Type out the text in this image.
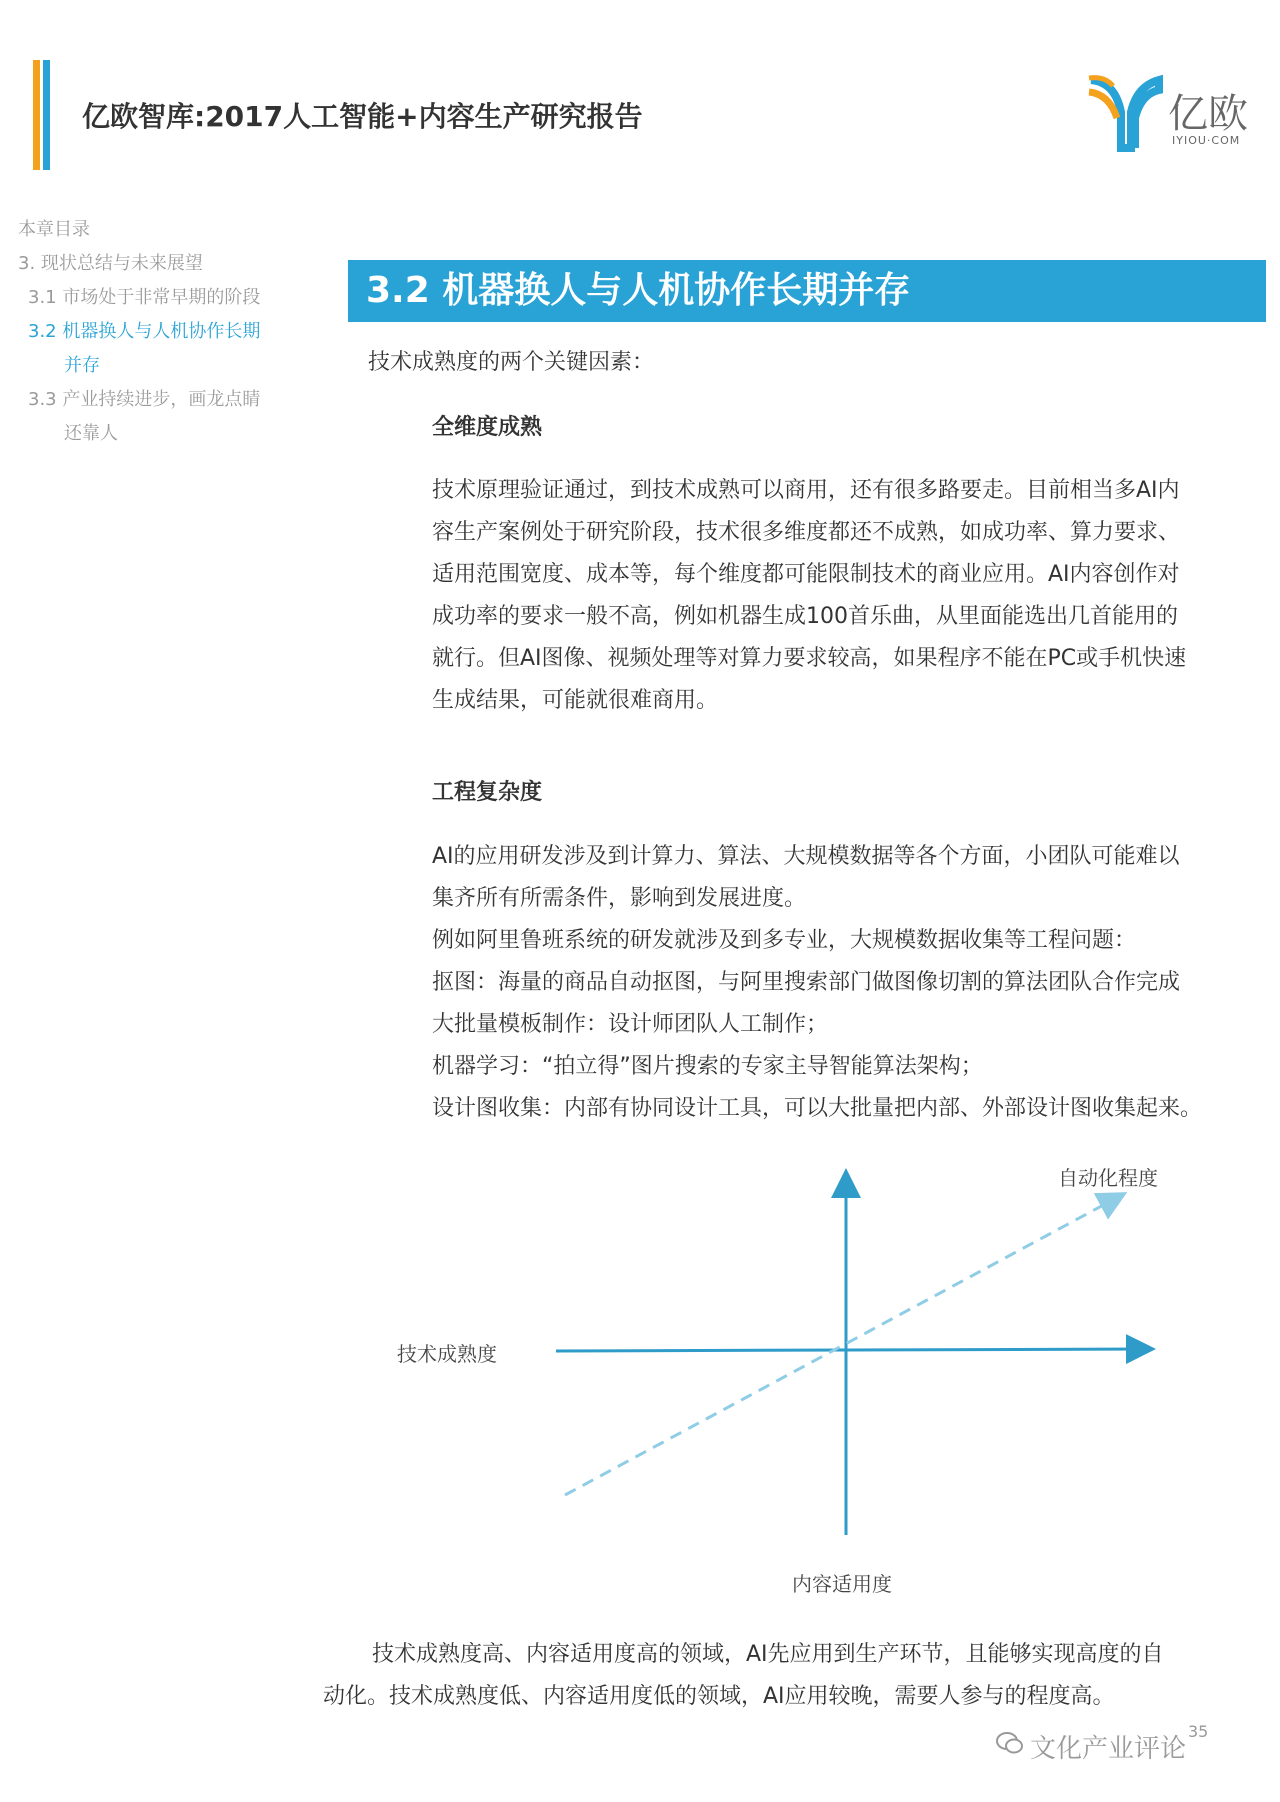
亿欧智库:2017人工智能+内容生产研究报告	亿欧
IYIOU·COM
本章目录
3. 现状总结与未来展望
3.1 市场处于非常早期的阶段
3.2 机器换人与人机协作长期
并存
3.3 产业持续进步，画龙点睛
还靠人
3.2 机器换人与人机协作长期并存
技术成熟度的两个关键因素：
全维度成熟
技术原理验证通过，到技术成熟可以商用，还有很多路要走。目前相当多AI内
容生产案例处于研究阶段，技术很多维度都还不成熟，如成功率、算力要求、
适用范围宽度、成本等，每个维度都可能限制技术的商业应用。AI内容创作对
成功率的要求一般不高，例如机器生成100首乐曲，从里面能选出几首能用的
就行。但AI图像、视频处理等对算力要求较高，如果程序不能在PC或手机快速
生成结果，可能就很难商用。
工程复杂度
AI的应用研发涉及到计算力、算法、大规模数据等各个方面，小团队可能难以
集齐所有所需条件，影响到发展进度。
例如阿里鲁班系统的研发就涉及到多专业，大规模数据收集等工程问题：
抠图：海量的商品自动抠图，与阿里搜索部门做图像切割的算法团队合作完成
大批量模板制作：设计师团队人工制作；
机器学习：“拍立得”图片搜索的专家主导智能算法架构；
设计图收集：内部有协同设计工具，可以大批量把内部、外部设计图收集起来。
技术成熟度
内容适用度
自动化程度
技术成熟度高、内容适用度高的领域，AI先应用到生产环节，且能够实现高度的自
动化。技术成熟度低、内容适用度低的领域，AI应用较晚，需要人参与的程度高。
35
文化产业评论
